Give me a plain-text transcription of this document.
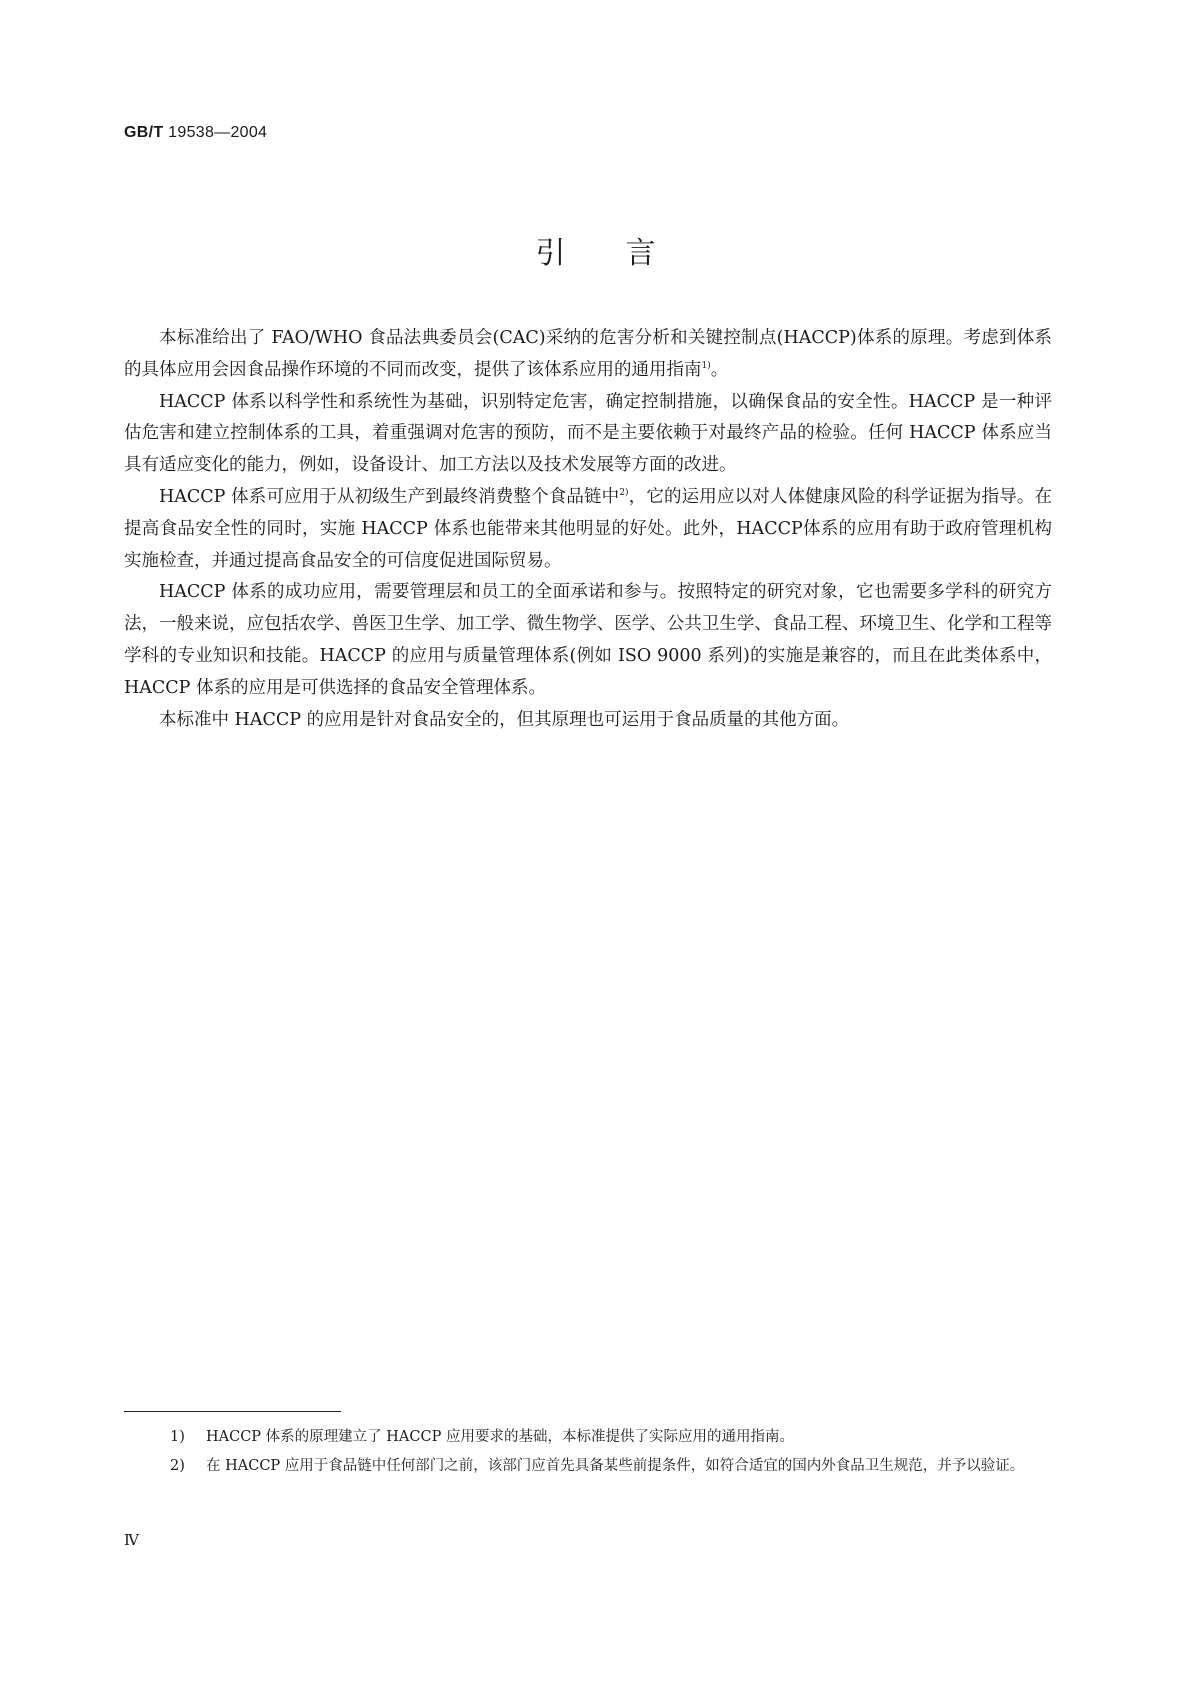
GB/T 19538—2004
引言

本标准给出了 FAO/WHO 食品法典委员会(CAC)采纳的危害分析和关键控制点(HACCP)体系的原理。考虑到体系的具体应用会因食品操作环境的不同而改变，提供了该体系应用的通用指南$^{1)}$。

HACCP 体系以科学性和系统性为基础，识别特定危害，确定控制措施，以确保食品的安全性。HACCP 是一种评估危害和建立控制体系的工具，着重强调对危害的预防，而不是主要依赖于对最终产品的检验。任何 HACCP 体系应当具有适应变化的能力，例如，设备设计、加工方法以及技术发展等方面的改进。

HACCP 体系可应用于从初级生产到最终消费整个食品链中$^{2)}$，它的运用应以对人体健康风险的科学证据为指导。在提高食品安全性的同时，实施 HACCP 体系也能带来其他明显的好处。此外，HACCP体系的应用有助于政府管理机构实施检查，并通过提高食品安全的可信度促进国际贸易。

HACCP 体系的成功应用，需要管理层和员工的全面承诺和参与。按照特定的研究对象，它也需要多学科的研究方法，一般来说，应包括农学、兽医卫生学、加工学、微生物学、医学、公共卫生学、食品工程、环境卫生、化学和工程等学科的专业知识和技能。HACCP 的应用与质量管理体系(例如 ISO 9000 系列)的实施是兼容的，而且在此类体系中，HACCP 体系的应用是可供选择的食品安全管理体系。

本标准中 HACCP 的应用是针对食品安全的，但其原理也可运用于食品质量的其他方面。

1) HACCP 体系的原理建立了 HACCP 应用要求的基础，本标准提供了实际应用的通用指南。

2) 在 HACCP 应用于食品链中任何部门之前，该部门应首先具备某些前提条件，如符合适宜的国内外食品卫生规范，并予以验证。

Ⅳ
